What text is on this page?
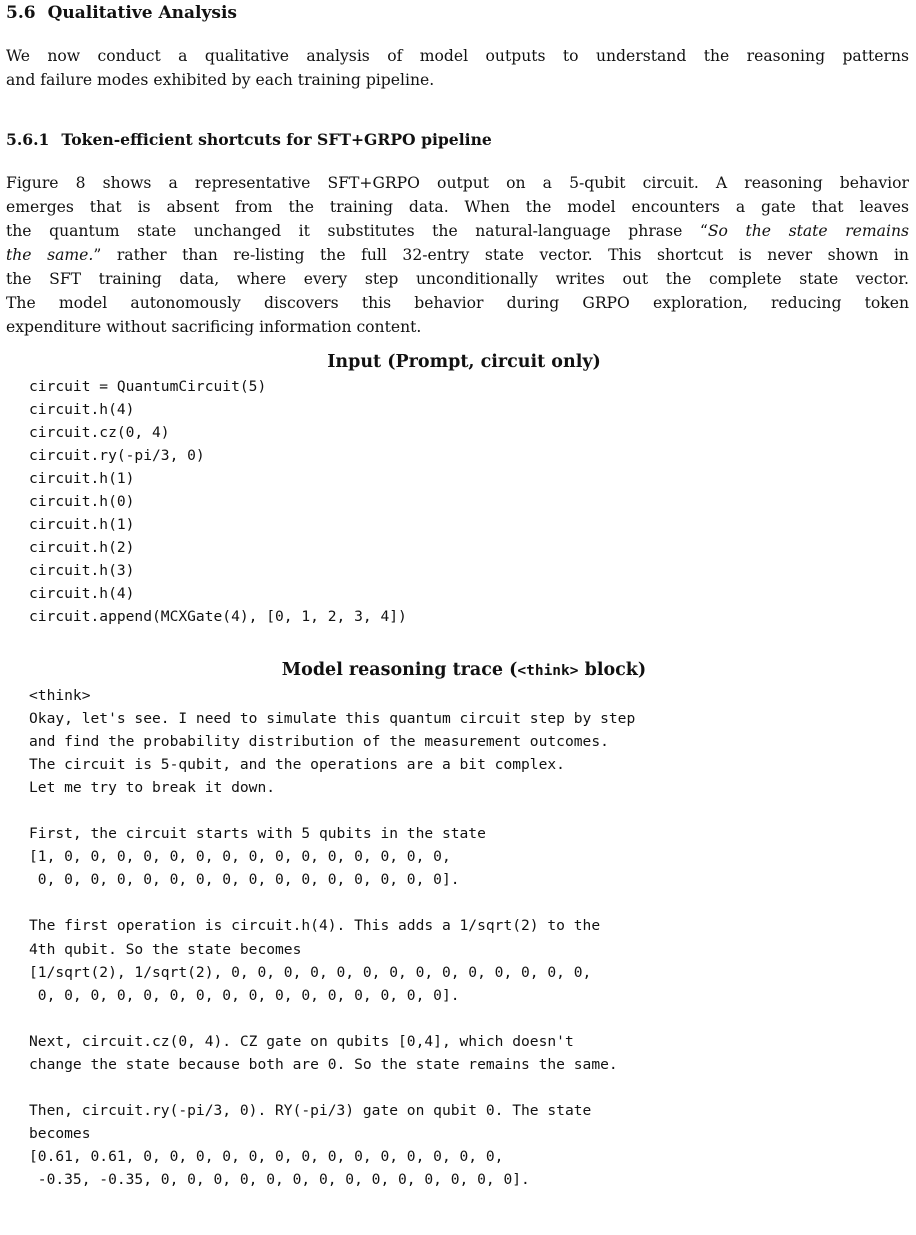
5.6 Qualitative Analysis
We now conduct a qualitative analysis of model outputs to understand the reasoning patterns
and failure modes exhibited by each training pipeline.
5.6.1 Token-efficient shortcuts for SFT+GRPO pipeline
Figure 8 shows a representative SFT+GRPO output on a 5-qubit circuit. A reasoning behavior
emerges that is absent from the training data. When the model encounters a gate that leaves
the quantum state unchanged it substitutes the natural-language phrase “So the state remains
the same.” rather than re-listing the full 32-entry state vector. This shortcut is never shown in
the SFT training data, where every step unconditionally writes out the complete state vector.
The model autonomously discovers this behavior during GRPO exploration, reducing token
expenditure without sacrificing information content.
Input (Prompt, circuit only)
circuit = QuantumCircuit(5)
circuit.h(4)
circuit.cz(0, 4)
circuit.ry(-pi/3, 0)
circuit.h(1)
circuit.h(0)
circuit.h(1)
circuit.h(2)
circuit.h(3)
circuit.h(4)
circuit.append(MCXGate(4), [0, 1, 2, 3, 4])
Model reasoning trace (<think> block)
<think>
Okay, let's see. I need to simulate this quantum circuit step by step
and find the probability distribution of the measurement outcomes.
The circuit is 5-qubit, and the operations are a bit complex.
Let me try to break it down.
First, the circuit starts with 5 qubits in the state
[1, 0, 0, 0, 0, 0, 0, 0, 0, 0, 0, 0, 0, 0, 0, 0,
0, 0, 0, 0, 0, 0, 0, 0, 0, 0, 0, 0, 0, 0, 0, 0].
The first operation is circuit.h(4). This adds a 1/sqrt(2) to the
4th qubit. So the state becomes
[1/sqrt(2), 1/sqrt(2), 0, 0, 0, 0, 0, 0, 0, 0, 0, 0, 0, 0, 0, 0,
0, 0, 0, 0, 0, 0, 0, 0, 0, 0, 0, 0, 0, 0, 0, 0].
Next, circuit.cz(0, 4). CZ gate on qubits [0,4], which doesn't
change the state because both are 0. So the state remains the same.
Then, circuit.ry(-pi/3, 0). RY(-pi/3) gate on qubit 0. The state
becomes
[0.61, 0.61, 0, 0, 0, 0, 0, 0, 0, 0, 0, 0, 0, 0, 0, 0,
-0.35, -0.35, 0, 0, 0, 0, 0, 0, 0, 0, 0, 0, 0, 0, 0, 0].
